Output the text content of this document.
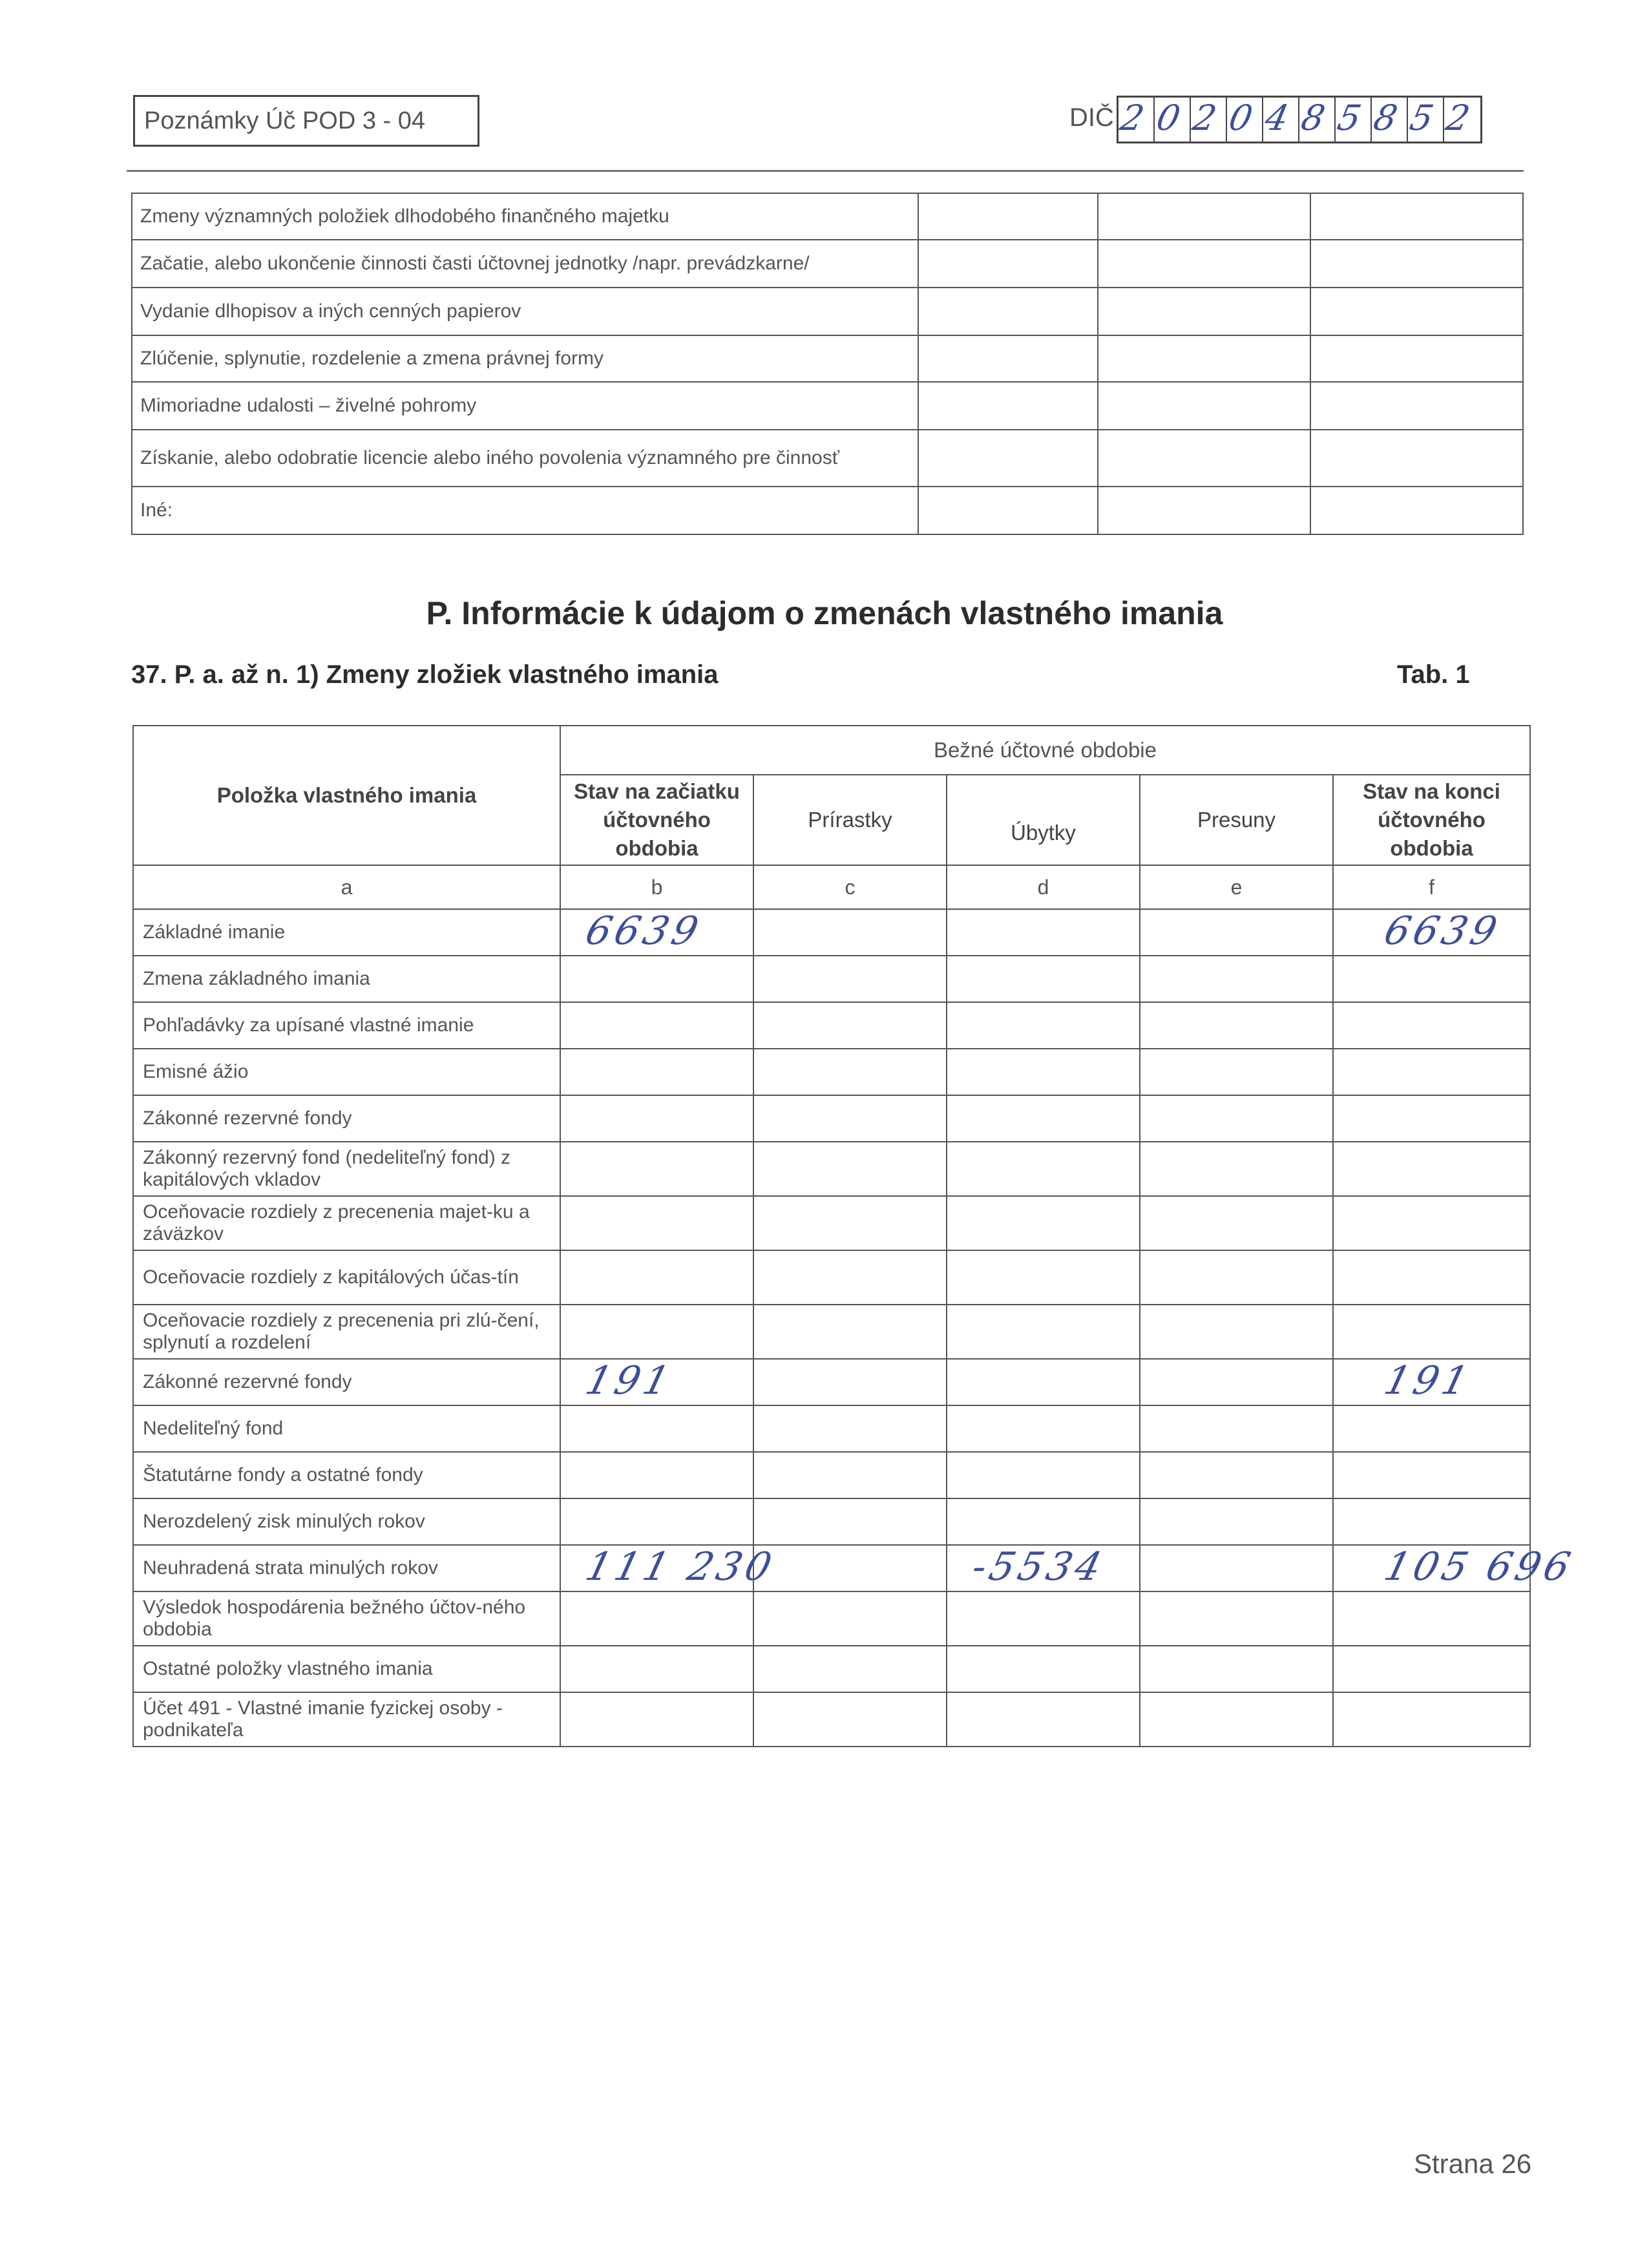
Poznámky Úč POD 3 - 04	DIČ 2 0 2 0 4 8 5 8 5 2
Zmeny významných položiek dlhodobého finančného majetku			
Začatie, alebo ukončenie činnosti časti účtovnej jednotky /napr. prevádzkarne/			
Vydanie dlhopisov a iných cenných papierov			
Zlúčenie, splynutie, rozdelenie a zmena právnej formy			
Mimoriadne udalosti – živelné pohromy			
Získanie, alebo odobratie licencie alebo iného povolenia významného pre činnosť			
Iné:			
P. Informácie k údajom o zmenách vlastného imania
37. P. a. až n. 1) Zmeny zložiek vlastného imania	Tab. 1
Položka vlastného imania	Bežné účtovné obdobie				
	Stav na začiatku účtovného obdobia	Prírastky	Úbytky	Presuny	Stav na konci účtovného obdobia
a	b	c	d	e	f
Základné imanie	6639				6639

Zmena základného imania					
Pohľadávky za upísané vlastné imanie					
Emisné ážio					
Zákonné rezervné fondy					
Zákonný rezervný fond (nedeliteľný fond) z kapitálových vkladov					
Oceňovacie rozdiely z precenenia majet-ku a záväzkov					
Oceňovacie rozdiely z kapitálových účas-tín					
Oceňovacie rozdiely z precenenia pri zlú-čení, splynutí a rozdelení					
Zákonné rezervné fondy	191				191

Nedeliteľný fond					
Štatutárne fondy a ostatné fondy					
Nerozdelený zisk minulých rokov					
Neuhradená strata minulých rokov	111 230		-5534		105 696

Výsledok hospodárenia bežného účtov-ného obdobia					
Ostatné položky vlastného imania					
Účet 491 - Vlastné imanie fyzickej osoby - podnikateľa					
Strana 26
